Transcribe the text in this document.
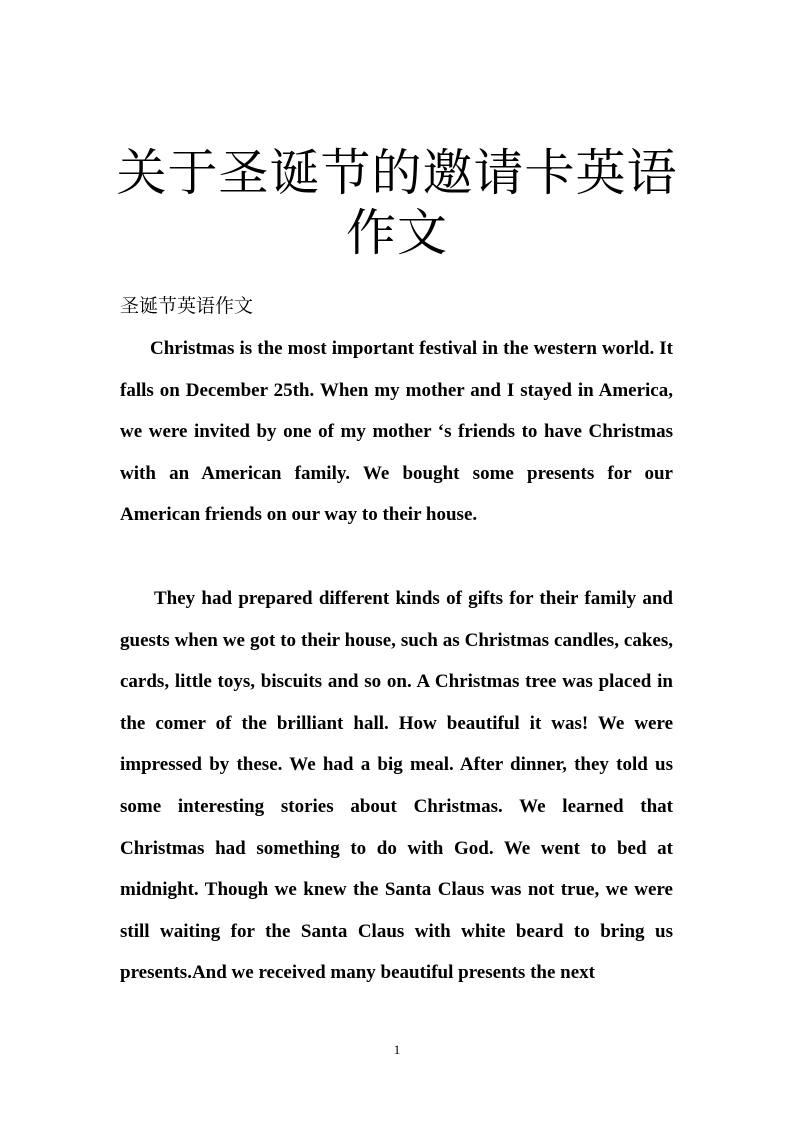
关于圣诞节的邀请卡英语
作文

圣诞节英语作文

Christmas is the most important festival in the western world. It falls on December 25th. When my mother and I stayed in America, we were invited by one of my mother ‘s friends to have Christmas with an American family. We bought some presents for our American friends on our way to their house.

They had prepared different kinds of gifts for their family and guests when we got to their house, such as Christmas candles, cakes, cards, little toys, biscuits and so on. A Christmas tree was placed in the comer of the brilliant hall. How beautiful it was! We were impressed by these. We had a big meal. After dinner, they told us some interesting stories about Christmas. We learned that Christmas had something to do with God. We went to bed at midnight. Though we knew the Santa Claus was not true, we were still waiting for the Santa Claus with white beard to bring us presents.And we received many beautiful presents the next

1
